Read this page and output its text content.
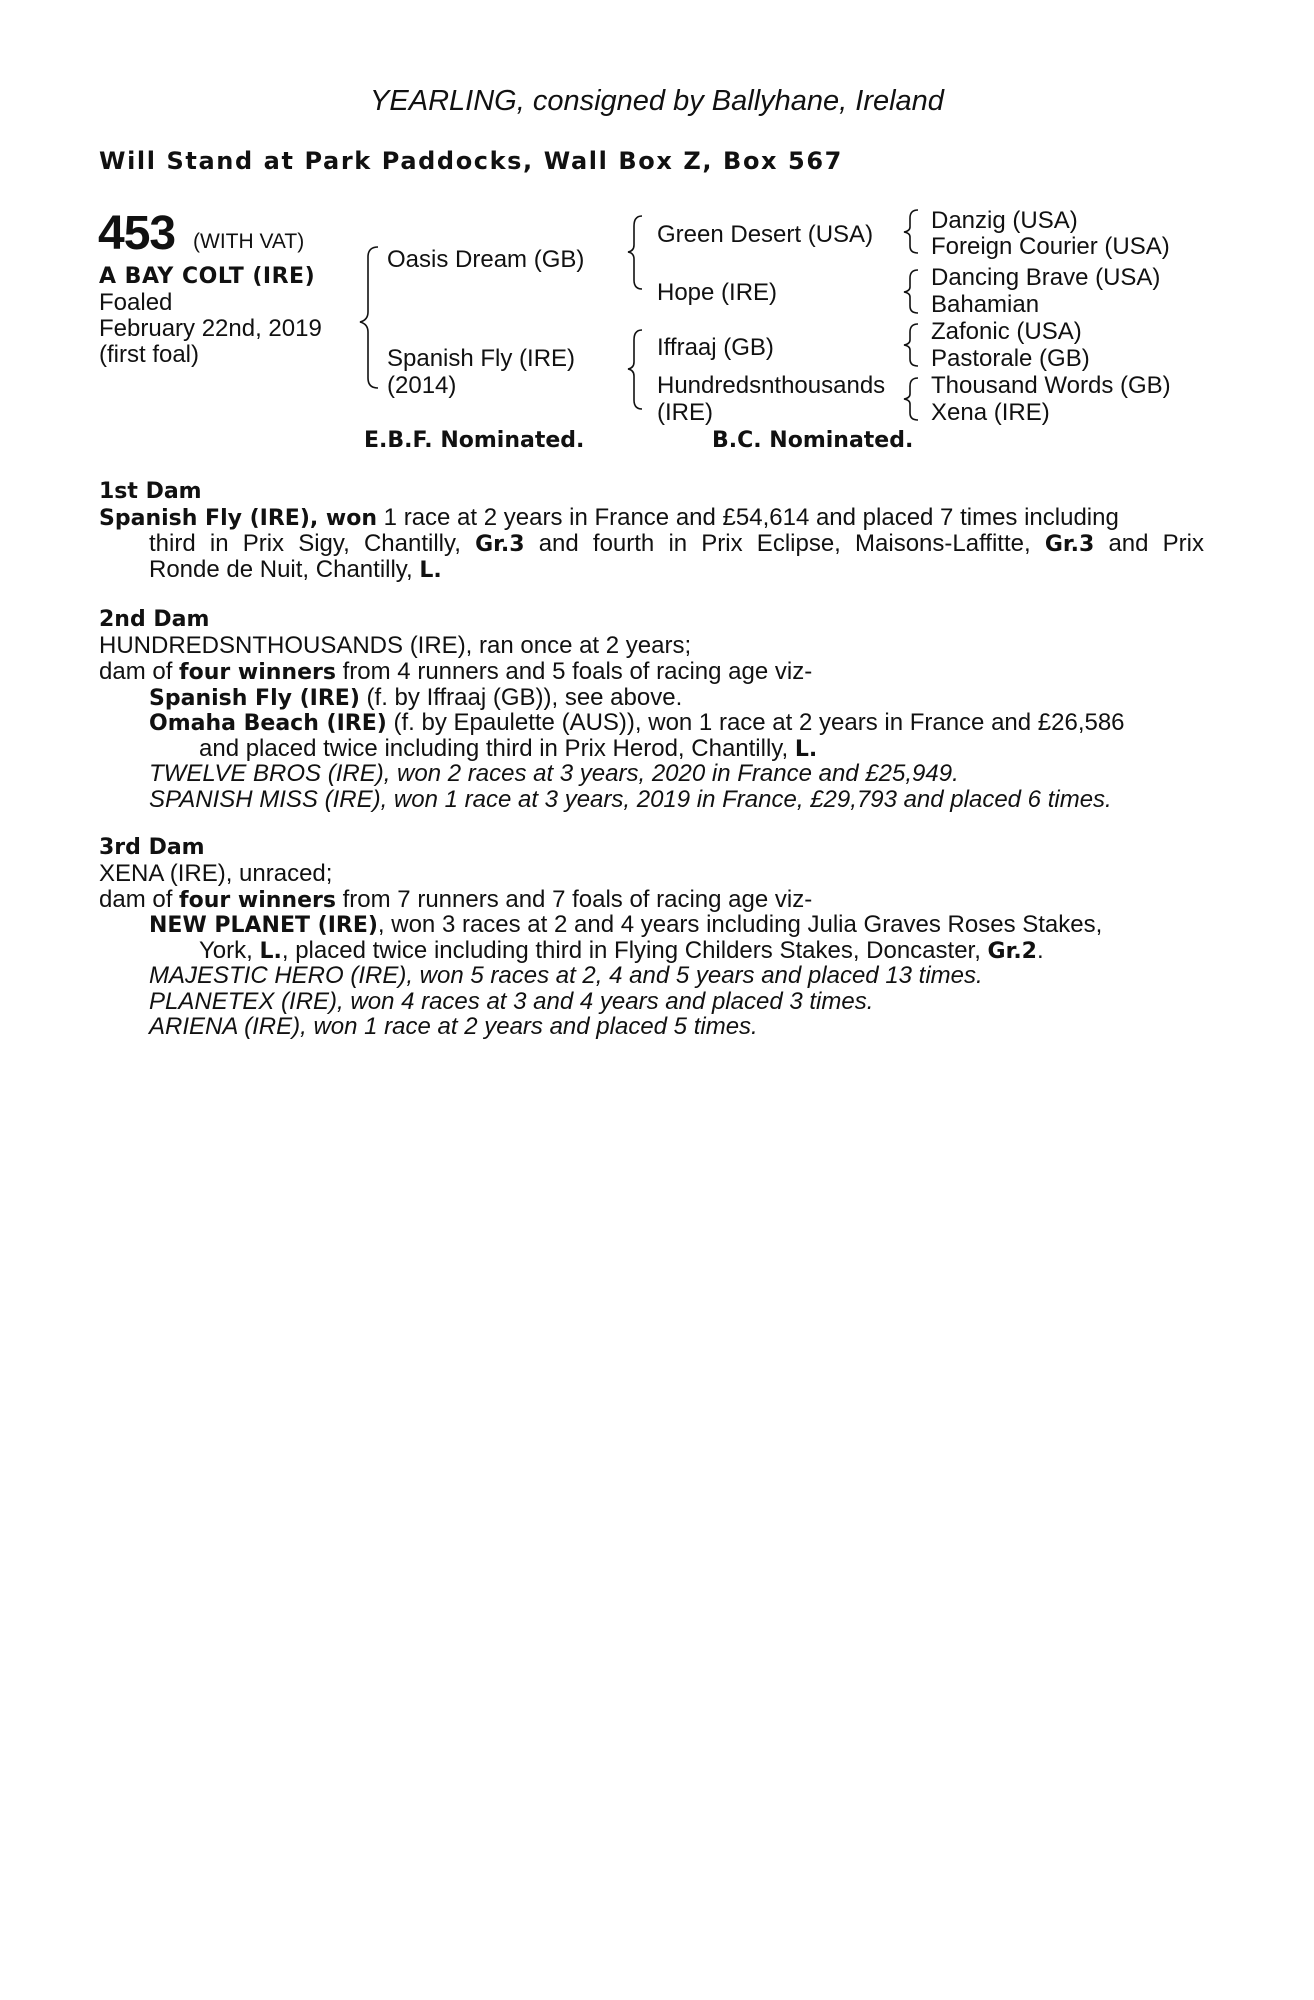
YEARLING, consigned by Ballyhane, Ireland
Will Stand at Park Paddocks, Wall Box Z, Box 567
453 (WITH VAT)
A BAY COLT (IRE)
Foaled
February 22nd, 2019
(first foal)
Oasis Dream (GB)
Spanish Fly (IRE)
(2014)
Green Desert (USA)
Hope (IRE)
Iffraaj (GB)
Hundredsnthousands
(IRE)
Danzig (USA)
Foreign Courier (USA)
Dancing Brave (USA)
Bahamian
Zafonic (USA)
Pastorale (GB)
Thousand Words (GB)
Xena (IRE)
E.B.F. Nominated.	B.C. Nominated.
1st Dam
Spanish Fly (IRE), won 1 race at 2 years in France and £54,614 and placed 7 times including
third in Prix Sigy, Chantilly, Gr.3 and fourth in Prix Eclipse, Maisons-Laffitte, Gr.3 and Prix
Ronde de Nuit, Chantilly, L.
2nd Dam
HUNDREDSNTHOUSANDS (IRE), ran once at 2 years;
dam of four winners from 4 runners and 5 foals of racing age viz-
Spanish Fly (IRE) (f. by Iffraaj (GB)), see above.
Omaha Beach (IRE) (f. by Epaulette (AUS)), won 1 race at 2 years in France and £26,586
and placed twice including third in Prix Herod, Chantilly, L.
TWELVE BROS (IRE), won 2 races at 3 years, 2020 in France and £25,949.
SPANISH MISS (IRE), won 1 race at 3 years, 2019 in France, £29,793 and placed 6 times.
3rd Dam
XENA (IRE), unraced;
dam of four winners from 7 runners and 7 foals of racing age viz-
NEW PLANET (IRE), won 3 races at 2 and 4 years including Julia Graves Roses Stakes,
York, L., placed twice including third in Flying Childers Stakes, Doncaster, Gr.2.
MAJESTIC HERO (IRE), won 5 races at 2, 4 and 5 years and placed 13 times.
PLANETEX (IRE), won 4 races at 3 and 4 years and placed 3 times.
ARIENA (IRE), won 1 race at 2 years and placed 5 times.
